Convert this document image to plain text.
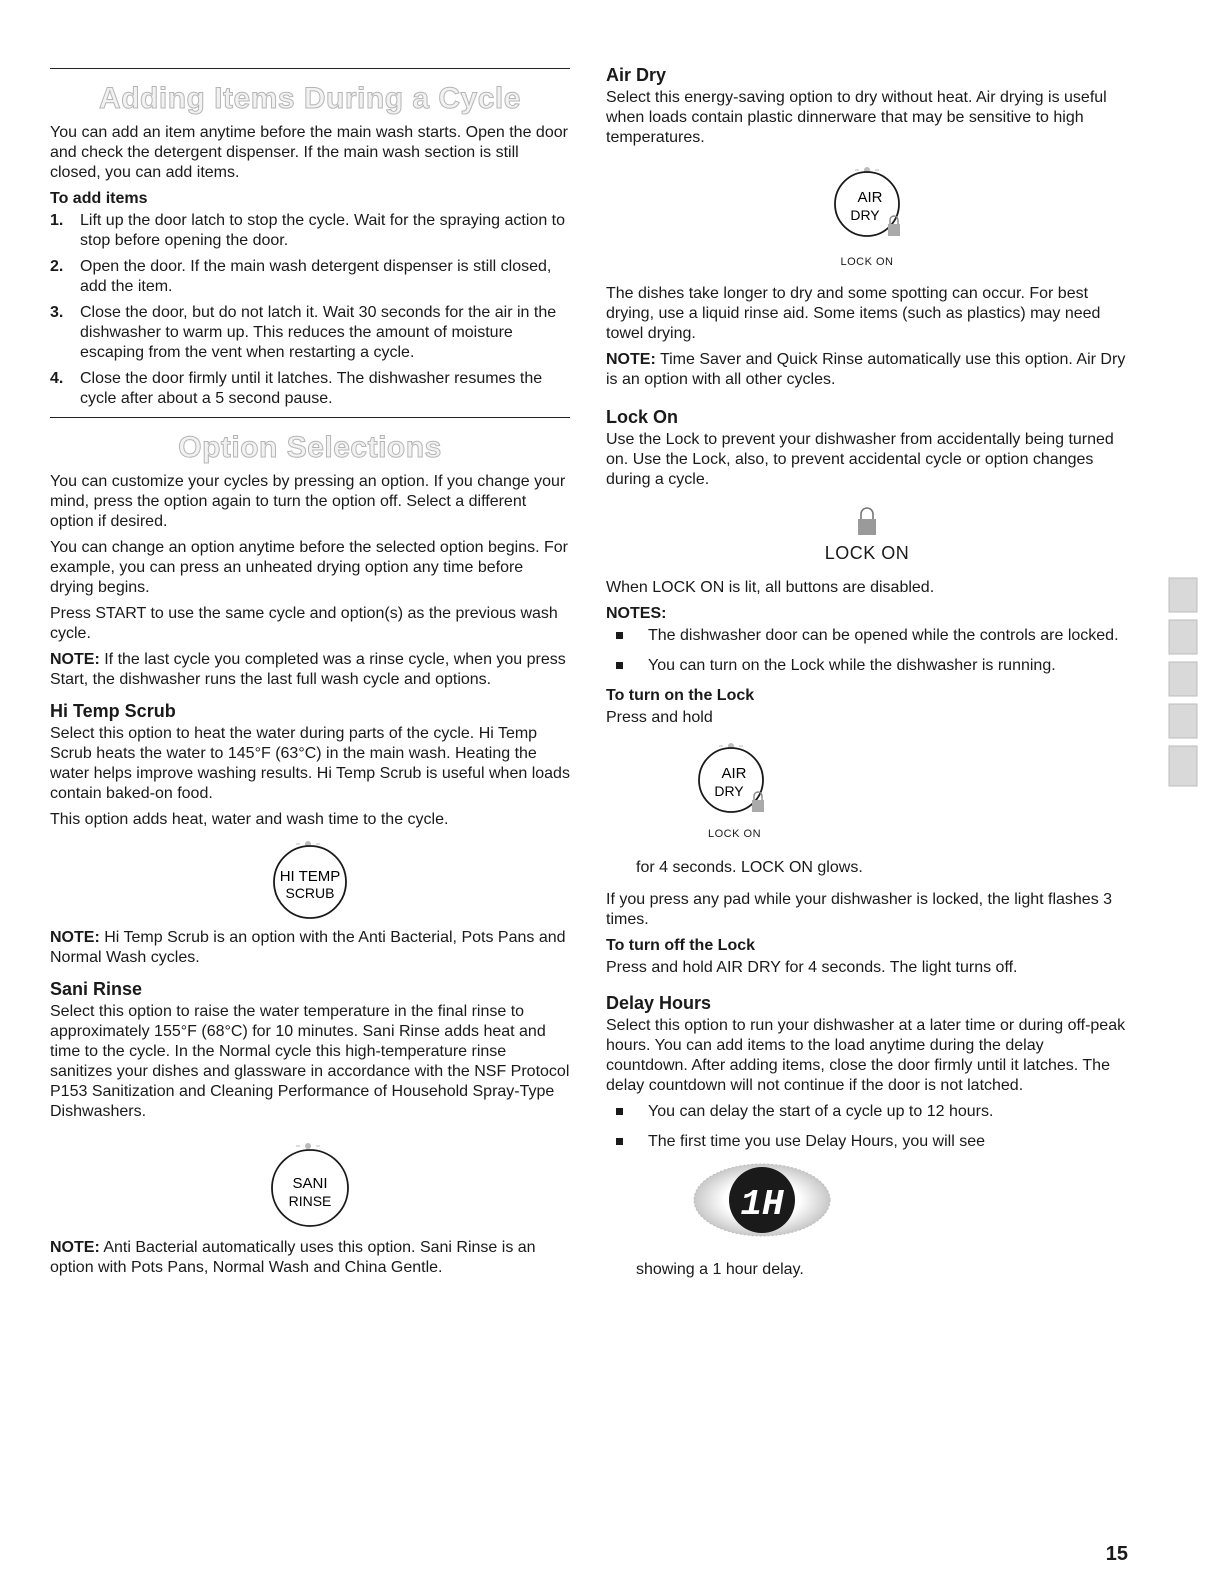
Adding Items During a Cycle

You can add an item anytime before the main wash starts. Open the door and check the detergent dispenser. If the main wash section is still closed, you can add items.

To add items
1. Lift up the door latch to stop the cycle. Wait for the spraying action to stop before opening the door.
2. Open the door. If the main wash detergent dispenser is still closed, add the item.
3. Close the door, but do not latch it. Wait 30 seconds for the air in the dishwasher to warm up. This reduces the amount of moisture escaping from the vent when restarting a cycle.
4. Close the door firmly until it latches. The dishwasher resumes the cycle after about a 5 second pause.
Option Selections

You can customize your cycles by pressing an option. If you change your mind, press the option again to turn the option off. Select a different option if desired.

You can change an option anytime before the selected option begins. For example, you can press an unheated drying option any time before drying begins.

Press START to use the same cycle and option(s) as the previous wash cycle.

NOTE: If the last cycle you completed was a rinse cycle, when you press Start, the dishwasher runs the last full wash cycle and options.

Hi Temp Scrub

Select this option to heat the water during parts of the cycle. Hi Temp Scrub heats the water to 145°F (63°C) in the main wash. Heating the water helps improve washing results. Hi Temp Scrub is useful when loads contain baked-on food.

This option adds heat, water and wash time to the cycle.

HI TEMP
SCRUB

NOTE: Hi Temp Scrub is an option with the Anti Bacterial, Pots Pans and Normal Wash cycles.

Sani Rinse

Select this option to raise the water temperature in the final rinse to approximately 155°F (68°C) for 10 minutes. Sani Rinse adds heat and time to the cycle. In the Normal cycle this high-temperature rinse sanitizes your dishes and glassware in accordance with the NSF Protocol P153 Sanitization and Cleaning Performance of Household Spray-Type Dishwashers.

SANI
RINSE

NOTE: Anti Bacterial automatically uses this option. Sani Rinse is an option with Pots Pans, Normal Wash and China Gentle.

Air Dry

Select this energy-saving option to dry without heat. Air drying is useful when loads contain plastic dinnerware that may be sensitive to high temperatures.

AIR
DRY
LOCK ON

The dishes take longer to dry and some spotting can occur. For best drying, use a liquid rinse aid. Some items (such as plastics) may need towel drying.

NOTE: Time Saver and Quick Rinse automatically use this option. Air Dry is an option with all other cycles.

Lock On

Use the Lock to prevent your dishwasher from accidentally being turned on. Use the Lock, also, to prevent accidental cycle or option changes during a cycle.

LOCK ON

When LOCK ON is lit, all buttons are disabled.

NOTES:
The dishwasher door can be opened while the controls are locked.
You can turn on the Lock while the dishwasher is running.
To turn on the Lock

Press and hold

AIR
DRY
LOCK ON

for 4 seconds. LOCK ON glows.

If you press any pad while your dishwasher is locked, the light flashes 3 times.

To turn off the Lock

Press and hold AIR DRY for 4 seconds. The light turns off.

Delay Hours

Select this option to run your dishwasher at a later time or during off-peak hours. You can add items to the load anytime during the delay countdown. After adding items, close the door firmly until it latches. The delay countdown will not continue if the door is not latched.

You can delay the start of a cycle up to 12 hours.
The first time you use Delay Hours, you will see
1H

showing a 1 hour delay.

15
